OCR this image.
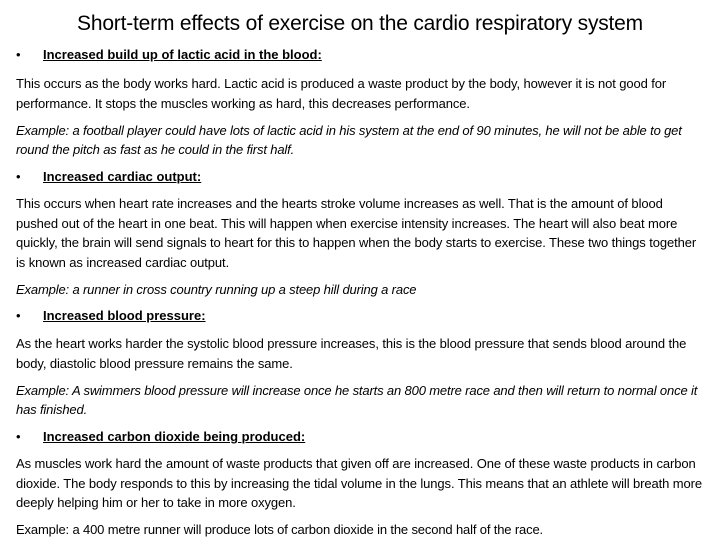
Short-term effects of exercise on the cardio respiratory system
• Increased build up of lactic acid in the blood:
This occurs as the body works hard. Lactic acid is produced a waste product by the body, however it is not good for performance. It stops the muscles working as hard, this decreases performance.
Example: a football player could have lots of lactic acid in his system at the end of 90 minutes, he will not be able to get round the pitch as fast as he could in the first half.
• Increased cardiac output:
This occurs when heart rate increases and the hearts stroke volume increases as well. That is the amount of blood pushed out of the heart in one beat. This will happen when exercise intensity increases. The heart will also beat more quickly, the brain will send signals to heart for this to happen when the body starts to exercise. These two things together is known as increased cardiac output.
Example: a runner in cross country running up a steep hill during a race
• Increased blood pressure:
As the heart works harder the systolic blood pressure increases, this is the blood pressure that sends blood around the body, diastolic blood pressure remains the same.
Example: A swimmers blood pressure will increase once he starts an 800 metre race and then will return to normal once it has finished.
• Increased carbon dioxide being produced:
As muscles work hard the amount of waste products that given off are increased. One of these waste products in carbon dioxide. The body responds to this by increasing the tidal volume in the lungs. This means that an athlete will breath more deeply helping him or her to take in more oxygen.
Example: a 400 metre runner will produce lots of carbon dioxide in the second half of the race.
